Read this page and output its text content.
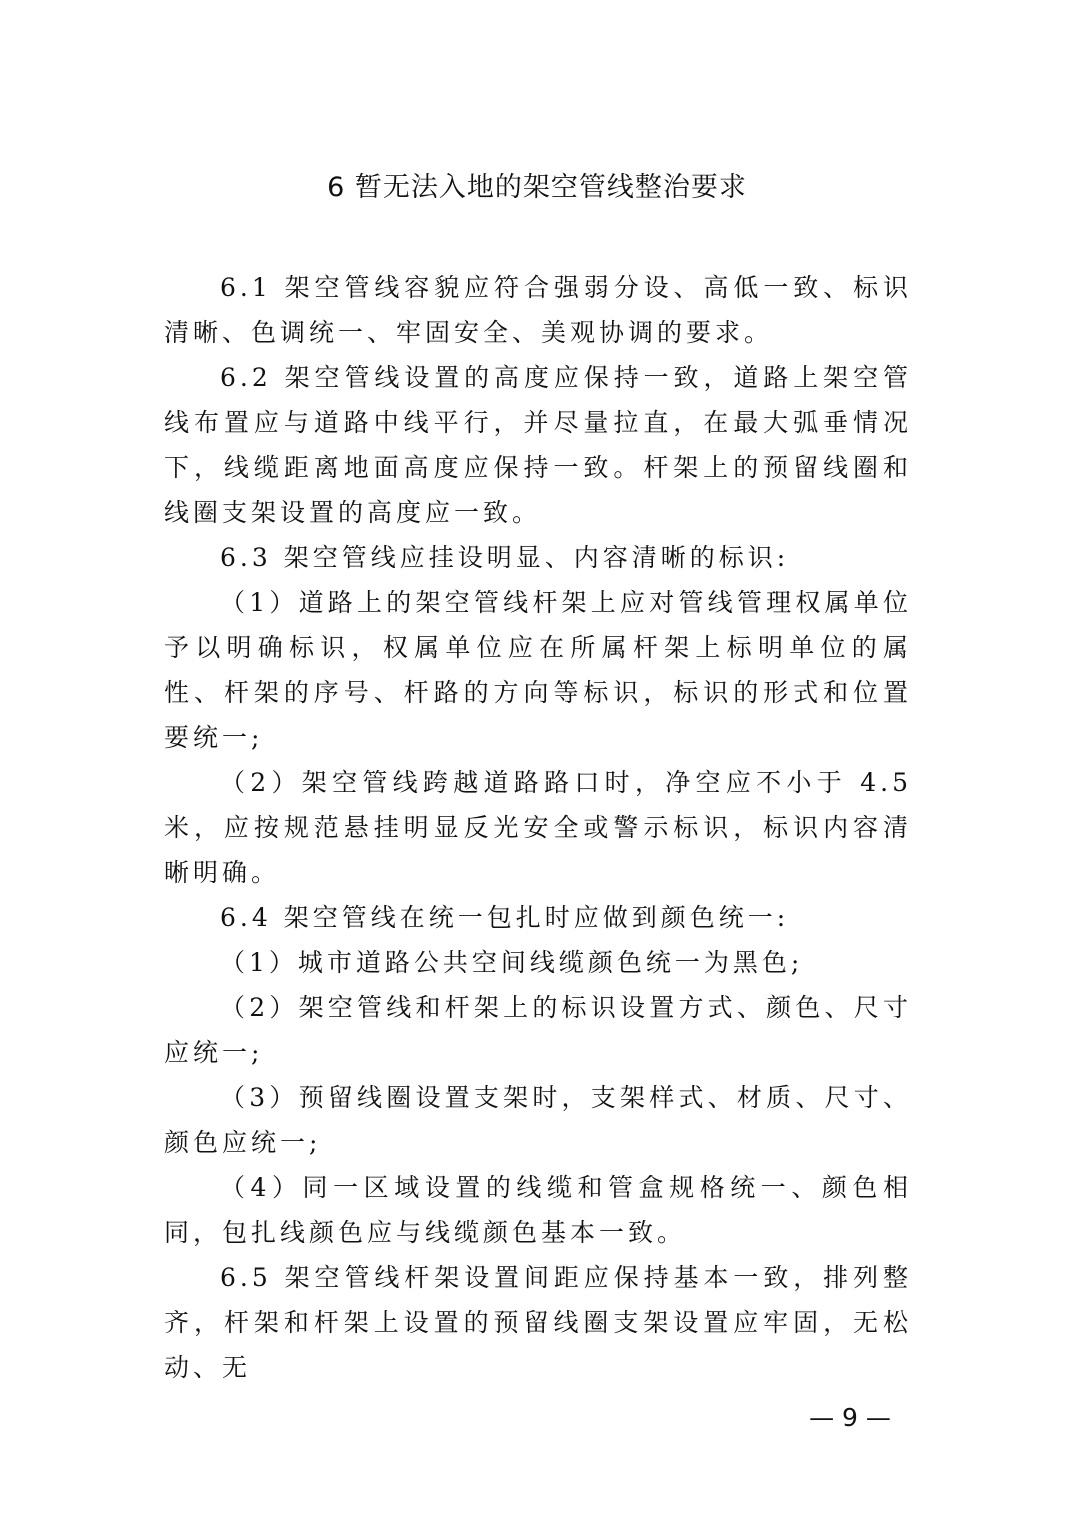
6 暂无法入地的架空管线整治要求

6.1 架空管线容貌应符合强弱分设、高低一致、标识清晰、色调统一、牢固安全、美观协调的要求。

6.2 架空管线设置的高度应保持一致，道路上架空管线布置应与道路中线平行，并尽量拉直，在最大弧垂情况下，线缆距离地面高度应保持一致。杆架上的预留线圈和线圈支架设置的高度应一致。

6.3 架空管线应挂设明显、内容清晰的标识:

（1）道路上的架空管线杆架上应对管线管理权属单位予以明确标识，权属单位应在所属杆架上标明单位的属性、杆架的序号、杆路的方向等标识，标识的形式和位置要统一;

（2）架空管线跨越道路路口时，净空应不小于 4.5 米，应按规范悬挂明显反光安全或警示标识，标识内容清晰明确。

6.4 架空管线在统一包扎时应做到颜色统一:

（1）城市道路公共空间线缆颜色统一为黑色;

（2）架空管线和杆架上的标识设置方式、颜色、尺寸应统一;

（3）预留线圈设置支架时，支架样式、材质、尺寸、颜色应统一;

（4）同一区域设置的线缆和管盒规格统一、颜色相同，包扎线颜色应与线缆颜色基本一致。

6.5 架空管线杆架设置间距应保持基本一致，排列整齐，杆架和杆架上设置的预留线圈支架设置应牢固，无松动、无

— 9 —
